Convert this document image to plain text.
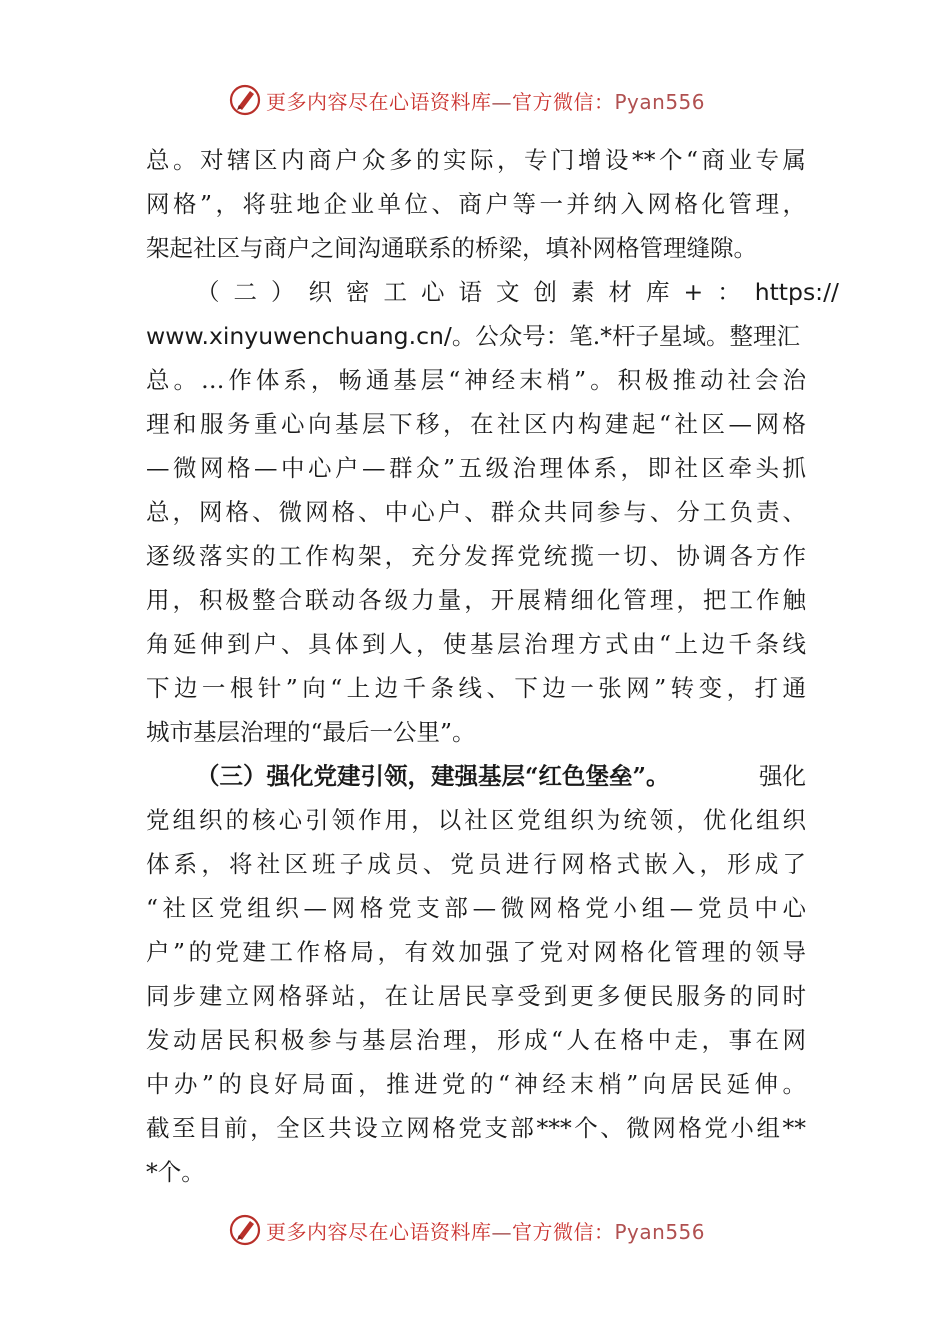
更多内容尽在心语资料库—官方微信：Pyan556
总。对辖区内商户众多的实际，专门增设**个“商业专属
网格”，将驻地企业单位、商户等一并纳入网格化管理，
架起社区与商户之间沟通联系的桥梁，填补网格管理缝隙。
（二）织密工心语文创素材库+： https://
www.xinyuwenchuang.cn/。公众号：笔.*杆子星域。整理汇
总。…作体系，畅通基层“神经末梢”。积极推动社会治
理和服务重心向基层下移，在社区内构建起“社区—网格
—微网格—中心户—群众”五级治理体系，即社区牵头抓
总，网格、微网格、中心户、群众共同参与、分工负责、
逐级落实的工作构架，充分发挥党统揽一切、协调各方作
用，积极整合联动各级力量，开展精细化管理，把工作触
角延伸到户、具体到人，使基层治理方式由“上边千条线
下边一根针”向“上边千条线、下边一张网”转变，打通
城市基层治理的“最后一公里”。
（三）强化党建引领，建强基层“红色堡垒”。	强化
党组织的核心引领作用，以社区党组织为统领，优化组织
体系，将社区班子成员、党员进行网格式嵌入，形成了
“社区党组织—网格党支部—微网格党小组—党员中心
户”的党建工作格局，有效加强了党对网格化管理的领导
同步建立网格驿站，在让居民享受到更多便民服务的同时
发动居民积极参与基层治理，形成“人在格中走，事在网
中办”的良好局面，推进党的“神经末梢”向居民延伸。
截至目前，全区共设立网格党支部***个、微网格党小组**
*个。
更多内容尽在心语资料库—官方微信：Pyan556
